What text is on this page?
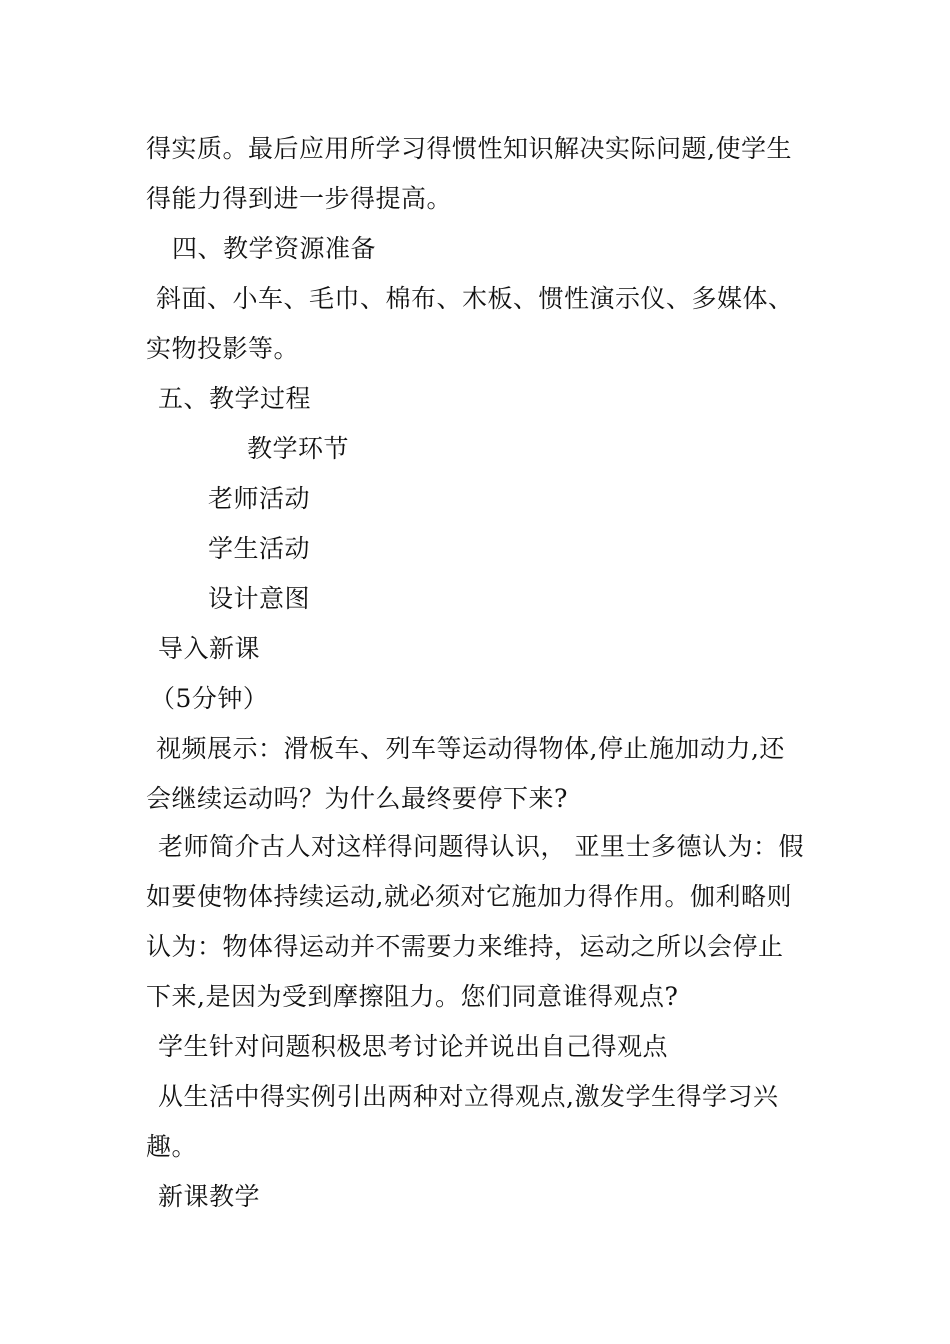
得实质。最后应用所学习得惯性知识解决实际问题,使学生
得能力得到进一步得提高。
四、教学资源准备
斜面、小车、毛巾、棉布、木板、惯性演示仪、多媒体、
实物投影等。
五、教学过程
教学环节
老师活动
学生活动
设计意图
导入新课
（5分钟）
视频展示：滑板车、列车等运动得物体,停止施加动力,还
会继续运动吗？为什么最终要停下来?
老师简介古人对这样得问题得认识， 亚里士多德认为：假
如要使物体持续运动,就必须对它施加力得作用。伽利略则
认为：物体得运动并不需要力来维持，运动之所以会停止
下来,是因为受到摩擦阻力。您们同意谁得观点?
学生针对问题积极思考讨论并说出自己得观点
从生活中得实例引出两种对立得观点,激发学生得学习兴
趣。
新课教学
